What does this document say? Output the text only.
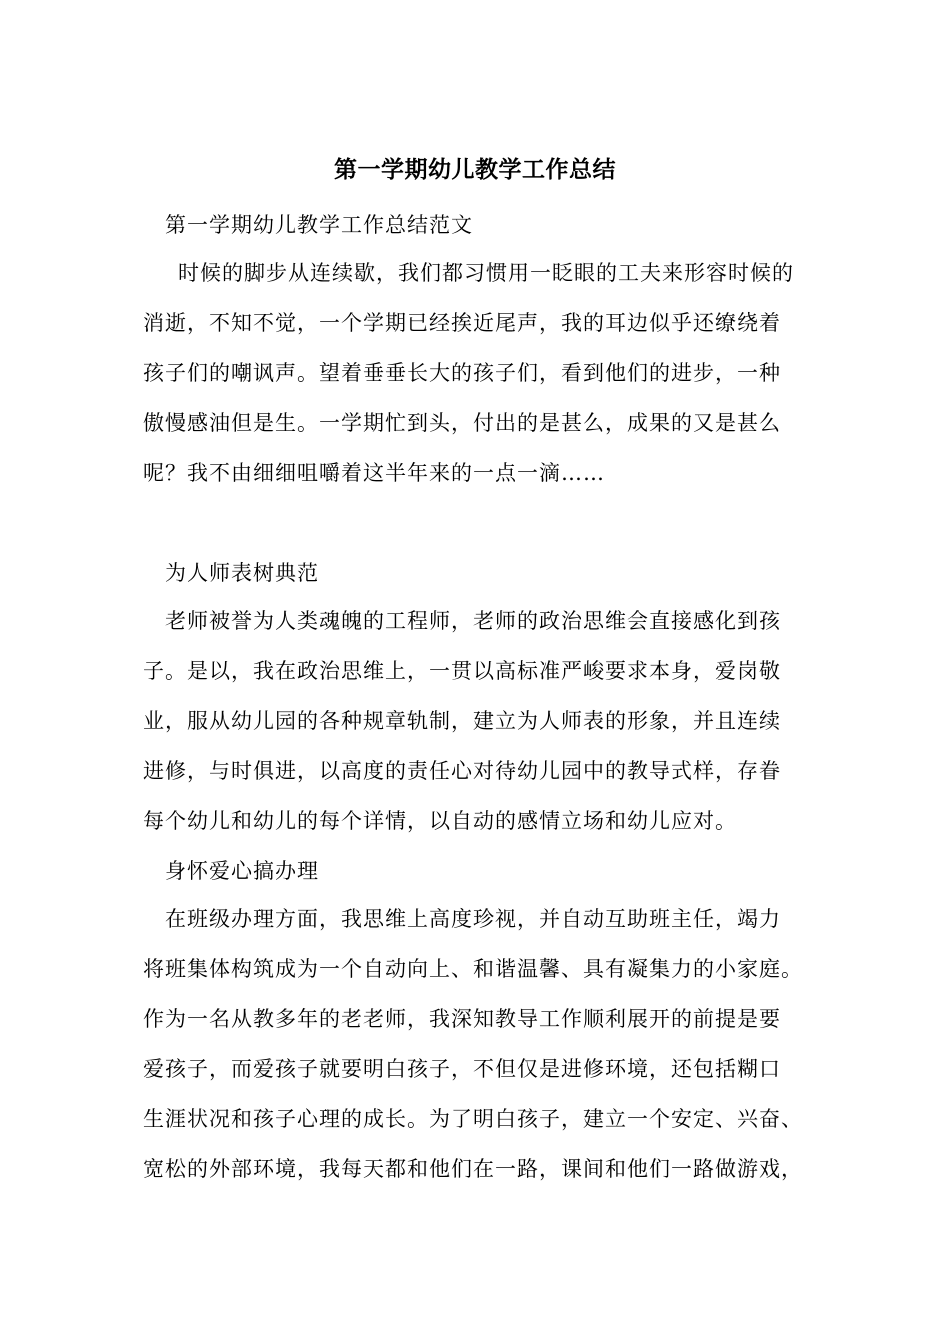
第一学期幼儿教学工作总结
第一学期幼儿教学工作总结范文
时候的脚步从连续歇，我们都习惯用一眨眼的工夫来形容时候的
消逝，不知不觉，一个学期已经挨近尾声，我的耳边似乎还缭绕着
孩子们的嘲讽声。望着垂垂长大的孩子们，看到他们的进步，一种
傲慢感油但是生。一学期忙到头，付出的是甚么，成果的又是甚么
呢？我不由细细咀嚼着这半年来的一点一滴……
为人师表树典范
老师被誉为人类魂魄的工程师，老师的政治思维会直接感化到孩
子。是以，我在政治思维上，一贯以高标准严峻要求本身，爱岗敬
业，服从幼儿园的各种规章轨制，建立为人师表的形象，并且连续
进修，与时俱进，以高度的责任心对待幼儿园中的教导式样，存眷
每个幼儿和幼儿的每个详情，以自动的感情立场和幼儿应对。
身怀爱心搞办理
在班级办理方面，我思维上高度珍视，并自动互助班主任，竭力
将班集体构筑成为一个自动向上、和谐温馨、具有凝集力的小家庭。
作为一名从教多年的老老师，我深知教导工作顺利展开的前提是要
爱孩子，而爱孩子就要明白孩子，不但仅是进修环境，还包括糊口
生涯状况和孩子心理的成长。为了明白孩子，建立一个安定、兴奋、
宽松的外部环境，我每天都和他们在一路，课间和他们一路做游戏，
